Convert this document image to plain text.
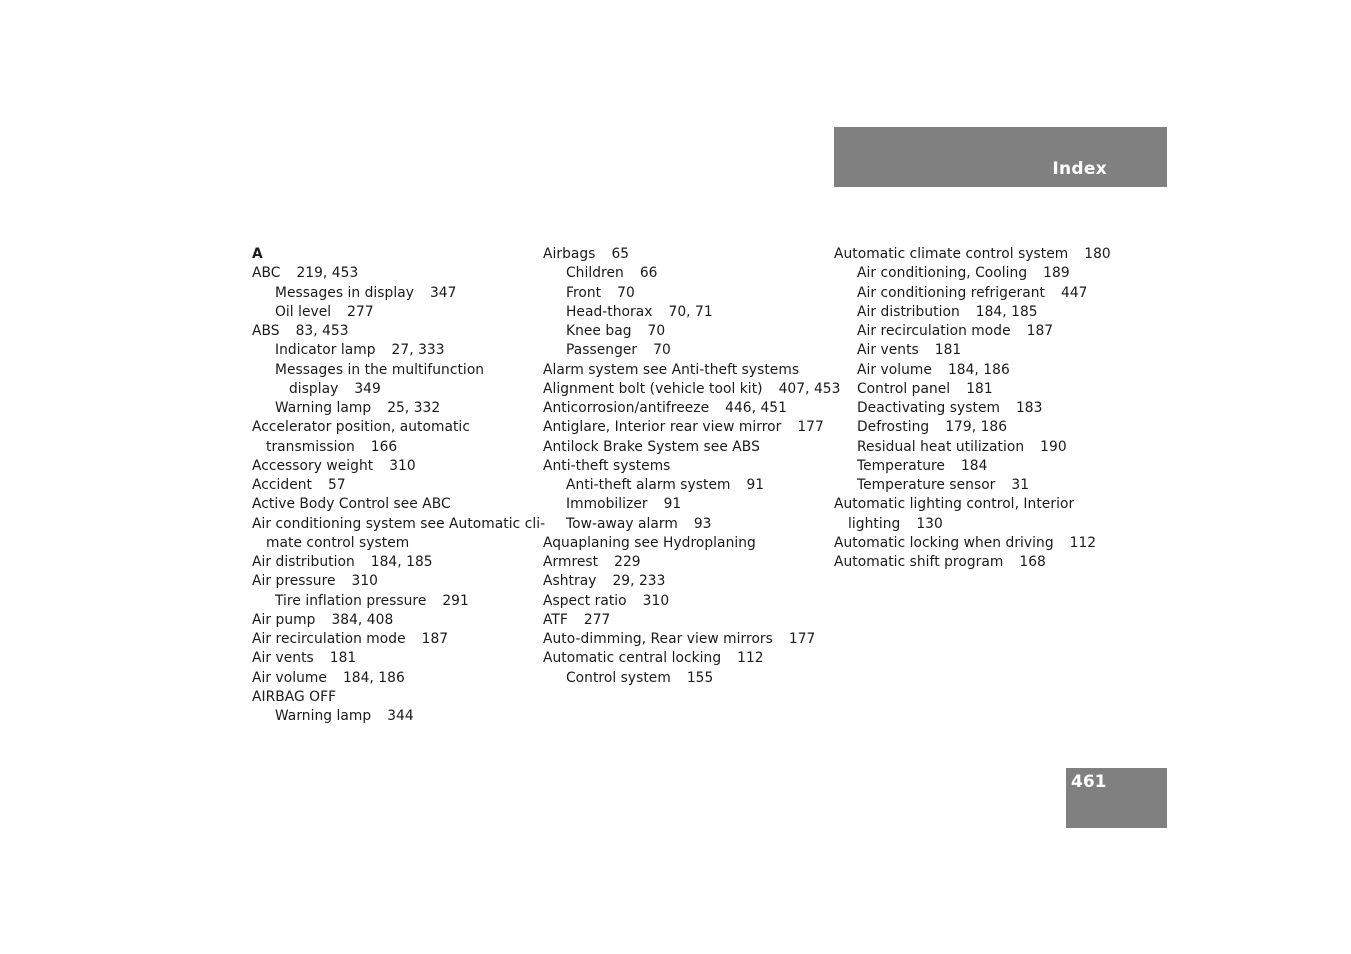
Index
461
A
ABC 219, 453
Messages in display 347
Oil level 277
ABS 83, 453
Indicator lamp 27, 333
Messages in the multifunction
display 349
Warning lamp 25, 332
Accelerator position, automatic
transmission 166
Accessory weight 310
Accident 57
Active Body Control see ABC
Air conditioning system see Automatic cli-
mate control system
Air distribution 184, 185
Air pressure 310
Tire inflation pressure 291
Air pump 384, 408
Air recirculation mode 187
Air vents 181
Air volume 184, 186
AIRBAG OFF
Warning lamp 344
Airbags 65
Children 66
Front 70
Head-thorax 70, 71
Knee bag 70
Passenger 70
Alarm system see Anti-theft systems
Alignment bolt (vehicle tool kit) 407, 453
Anticorrosion/antifreeze 446, 451
Antiglare, Interior rear view mirror 177
Antilock Brake System see ABS
Anti-theft systems
Anti-theft alarm system 91
Immobilizer 91
Tow-away alarm 93
Aquaplaning see Hydroplaning
Armrest 229
Ashtray 29, 233
Aspect ratio 310
ATF 277
Auto-dimming, Rear view mirrors 177
Automatic central locking 112
Control system 155
Automatic climate control system 180
Air conditioning, Cooling 189
Air conditioning refrigerant 447
Air distribution 184, 185
Air recirculation mode 187
Air vents 181
Air volume 184, 186
Control panel 181
Deactivating system 183
Defrosting 179, 186
Residual heat utilization 190
Temperature 184
Temperature sensor 31
Automatic lighting control, Interior
lighting 130
Automatic locking when driving 112
Automatic shift program 168
